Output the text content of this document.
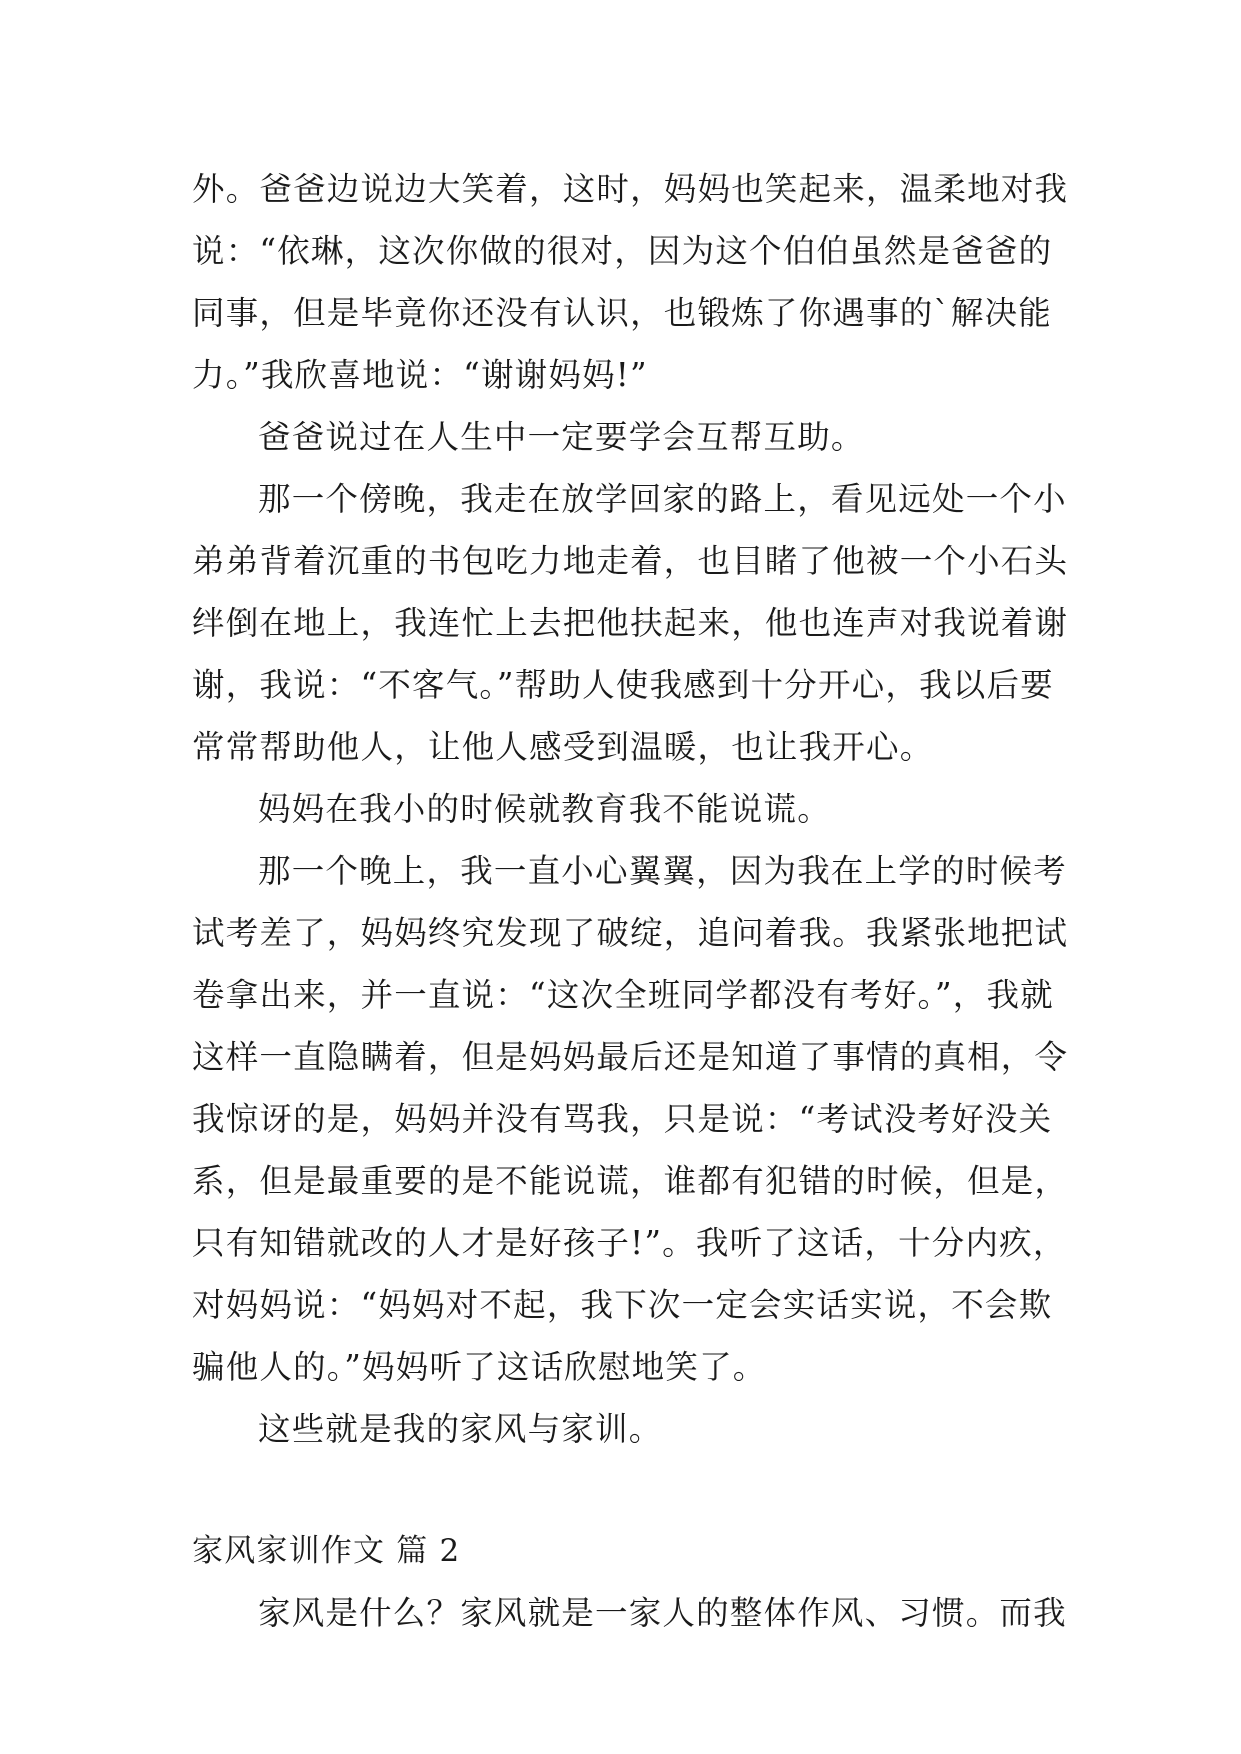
外。爸爸边说边大笑着，这时，妈妈也笑起来，温柔地对我
说：“依琳，这次你做的很对，因为这个伯伯虽然是爸爸的
同事，但是毕竟你还没有认识，也锻炼了你遇事的`解决能
力。”我欣喜地说：“谢谢妈妈!”
爸爸说过在人生中一定要学会互帮互助。
那一个傍晚，我走在放学回家的路上，看见远处一个小
弟弟背着沉重的书包吃力地走着，也目睹了他被一个小石头
绊倒在地上，我连忙上去把他扶起来，他也连声对我说着谢
谢，我说：“不客气。”帮助人使我感到十分开心，我以后要
常常帮助他人，让他人感受到温暖，也让我开心。
妈妈在我小的时候就教育我不能说谎。
那一个晚上，我一直小心翼翼，因为我在上学的时候考
试考差了，妈妈终究发现了破绽，追问着我。我紧张地把试
卷拿出来，并一直说：“这次全班同学都没有考好。”，我就
这样一直隐瞒着，但是妈妈最后还是知道了事情的真相，令
我惊讶的是，妈妈并没有骂我，只是说：“考试没考好没关
系，但是最重要的是不能说谎，谁都有犯错的时候，但是，
只有知错就改的人才是好孩子!”。我听了这话，十分内疚，
对妈妈说：“妈妈对不起，我下次一定会实话实说，不会欺
骗他人的。”妈妈听了这话欣慰地笑了。
这些就是我的家风与家训。
家风家训作文 篇 2
家风是什么？家风就是一家人的整体作风、习惯。而我
